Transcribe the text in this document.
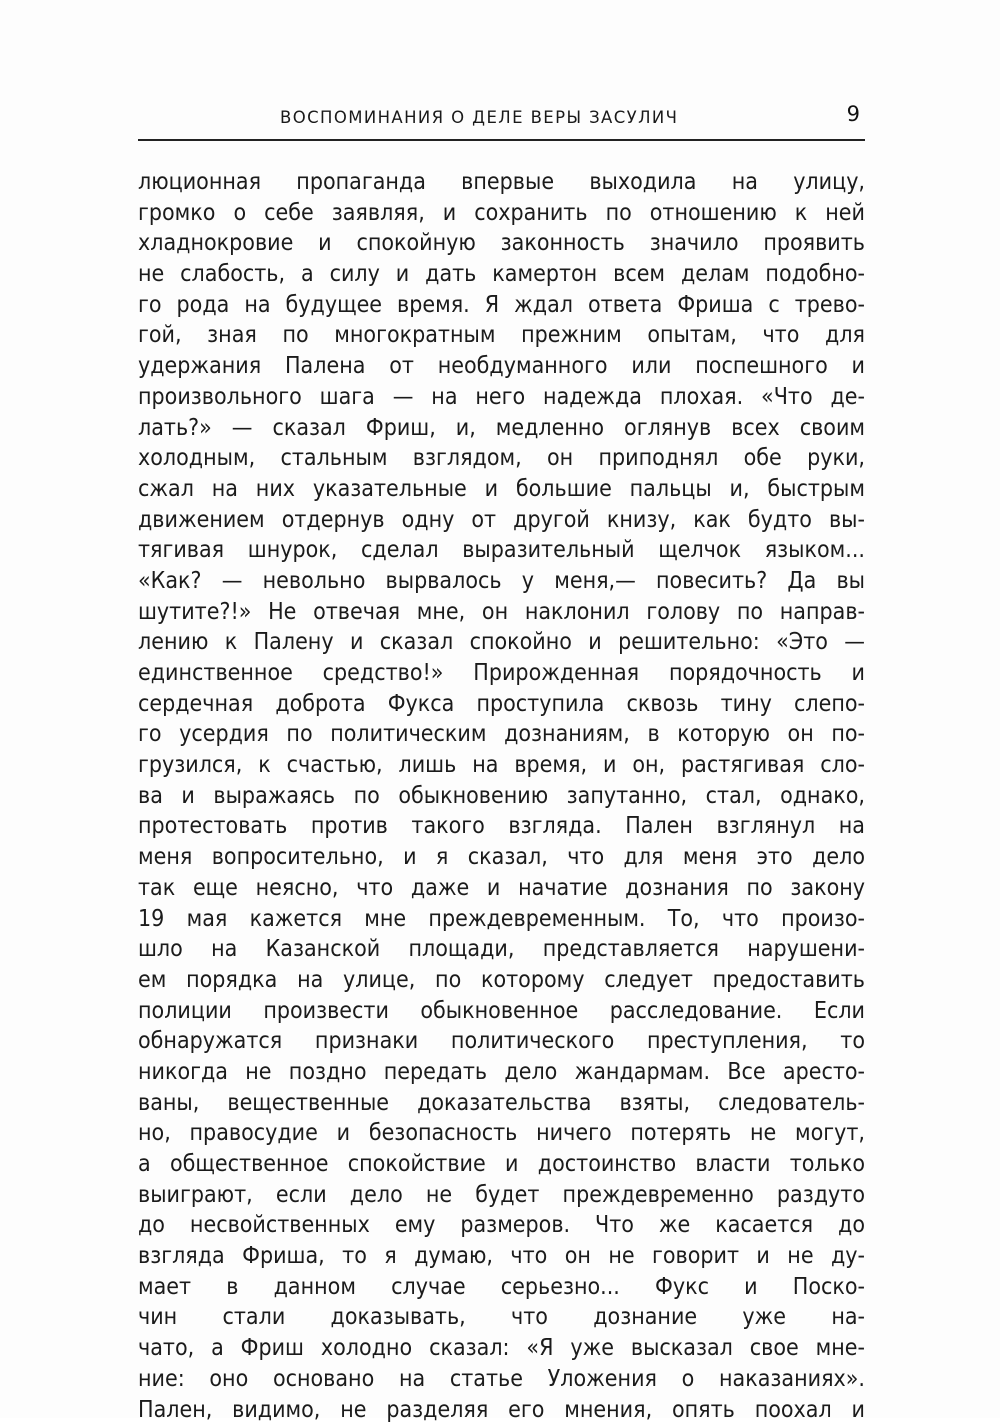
ВОСПОМИНАНИЯ О ДЕЛЕ ВЕРЫ ЗАСУЛИЧ	9
люционная пропаганда впервые выходила на улицу,
громко о себе заявляя, и сохранить по отношению к ней
хладнокровие и спокойную законность значило проявить
не слабость, а силу и дать камертон всем делам подобно-
го рода на будущее время. Я ждал ответа Фриша с трево-
гой, зная по многократным прежним опытам, что для
удержания Палена от необдуманного или поспешного и
произвольного шага — на него надежда плохая. «Что де-
лать?» — сказал Фриш, и, медленно оглянув всех своим
холодным, стальным взглядом, он приподнял обе руки,
сжал на них указательные и большие пальцы и, быстрым
движением отдернув одну от другой книзу, как будто вы-
тягивая шнурок, сделал выразительный щелчок языком...
«Как? — невольно вырвалось у меня,— повесить? Да вы
шутите?!» Не отвечая мне, он наклонил голову по направ-
лению к Палену и сказал спокойно и решительно: «Это —
единственное средство!» Прирожденная порядочность и
сердечная доброта Фукса проступила сквозь тину слепо-
го усердия по политическим дознаниям, в которую он по-
грузился, к счастью, лишь на время, и он, растягивая сло-
ва и выражаясь по обыкновению запутанно, стал, однако,
протестовать против такого взгляда. Пален взглянул на
меня вопросительно, и я сказал, что для меня это дело
так еще неясно, что даже и начатие дознания по закону
19 мая кажется мне преждевременным. То, что произо-
шло на Казанской площади, представляется нарушени-
ем порядка на улице, по которому следует предоставить
полиции произвести обыкновенное расследование. Если
обнаружатся признаки политического преступления, то
никогда не поздно передать дело жандармам. Все аресто-
ваны, вещественные доказательства взяты, следователь-
но, правосудие и безопасность ничего потерять не могут,
а общественное спокойствие и достоинство власти только
выиграют, если дело не будет преждевременно раздуто
до несвойственных ему размеров. Что же касается до
взгляда Фриша, то я думаю, что он не говорит и не ду-
мает в данном случае серьезно... Фукс и Поско-
чин стали доказывать, что дознание уже на-
чато, а Фриш холодно сказал: «Я уже высказал свое мне-
ние: оно основано на статье Уложения о наказаниях».
Пален, видимо, не разделяя его мнения, опять поохал и
